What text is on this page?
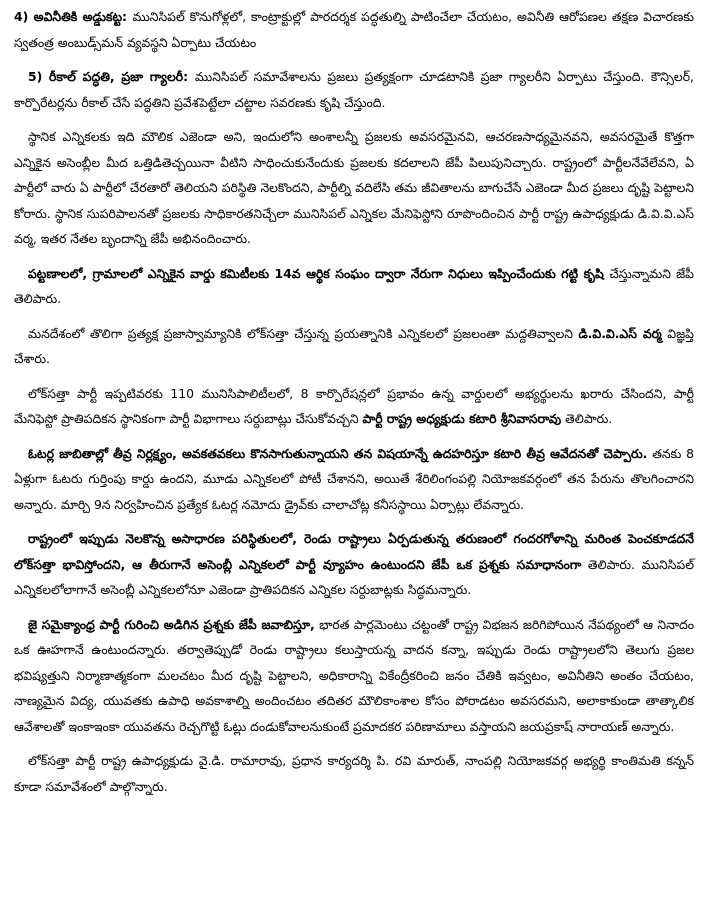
4) అవినీతికి అడ్డుకట్ట: మునిసిపల్ కొనుగోళ్లలో, కాంట్రాక్టుల్లో పారదర్శక పద్ధతుల్ని పాటించేలా చేయటం, అవినీతి ఆరోపణల తక్షణ విచారణకు స్వతంత్ర అంబుడ్స్‌మన్ వ్యవస్థని ఏర్పాటు చేయటం

5) రీకాల్ పద్ధతి, ప్రజా గ్యాలరీ: మునిసిపల్ సమావేశాలను ప్రజలు ప్రత్యక్షంగా చూడటానికి ప్రజా గ్యాలరీని ఏర్పాటు చేస్తుంది. కౌన్సిలర్, కార్పొరేటర్లను రీకాల్ చేసే పద్ధతిని ప్రవేశపెట్టేలా చట్టాల సవరణకు కృషి చేస్తుంది.

స్థానిక ఎన్నికలకు ఇది మౌలిక ఎజెండా అని, ఇందులోని అంశాలన్నీ ప్రజలకు అవసరమైనవి, ఆచరణసాధ్యమైనవని, అవసరమైతే కొత్తగా ఎన్నికైన అసెంబ్లీల మీద ఒత్తిడితెచ్చయినా వీటిని సాధించుకునేందుకు ప్రజలకు కదలాలని జేపీ పిలుపునిచ్చారు. రాష్ట్రంలో పార్టీలనేవేలేవని, ఏ పార్టీలో వారు ఏ పార్టీలో చేరతారో తెలియని పరిస్థితి నెలకొందని, పార్టీల్ని వదిలేసి తమ జీవితాలను బాగుచేసే ఎజెండా మీద ప్రజలు దృష్టి పెట్టాలని కోరారు. స్థానిక సుపరిపాలనతో ప్రజలకు సాధికారతనిచ్చేలా మునిసిపల్ ఎన్నికల మేనిఫెస్టోని రూపొందించిన పార్టీ రాష్ట్ర ఉపాధ్యక్షుడు డి.వి.వి.ఎస్ వర్మ, ఇతర నేతల బృందాన్ని జేపీ అభినందించారు.

పట్టణాలలో, గ్రామాలలో ఎన్నికైన వార్డు కమిటీలకు 14వ ఆర్థిక సంఘం ద్వారా నేరుగా నిధులు ఇప్పించేందుకు గట్టి కృషి చేస్తున్నామని జేపీ తెలిపారు.

మనదేశంలో తొలిగా ప్రత్యక్ష ప్రజాస్వామ్యానికి లోక్‌సత్తా చేస్తున్న ప్రయత్నానికి ఎన్నికలలో ప్రజలంతా మద్దతివ్వాలని డి.వి.వి.ఎస్ వర్మ విజ్ఞప్తి చేశారు.

లోక్‌సత్తా పార్టీ ఇప్పటివరకు 110 మునిసిపాలిటీలలో, 8 కార్పొరేషన్లలో ప్రభావం ఉన్న వార్డులలో అభ్యర్థులను ఖరారు చేసిందని, పార్టీ మేనిఫెస్టో ప్రాతిపదికన స్థానికంగా పార్టీ విభాగాలు సర్దుబాట్లు చేసుకోవచ్చని పార్టీ రాష్ట్ర అధ్యక్షుడు కటారి శ్రీనివాసరావు తెలిపారు.

ఓటర్ల జాబితాల్లో తీవ్ర నిర్లక్ష్యం, అవకతవకలు కొనసాగుతున్నాయని తన విషయాన్నే ఉదహరిస్తూ కటారి తీవ్ర ఆవేదనతో చెప్పారు. తనకు 8 ఏళ్లుగా ఓటరు గుర్తింపు కార్డు ఉందని, మూడు ఎన్నికలలో పోటీ చేశానని, అయితే శేరిలింగంపల్లి నియోజకవర్గంలో తన పేరును తొలగించారని అన్నారు. మార్చి 9న నిర్వహించిన ప్రత్యేక ఓటర్ల నమోదు డ్రైవ్‌కు చాలాచోట్ల కనీసస్థాయి ఏర్పాట్లు లేవన్నారు.

రాష్ట్రంలో ఇప్పుడు నెలకొన్న అసాధారణ పరిస్థితులలో, రెండు రాష్ట్రాలు ఏర్పడుతున్న తరుణంలో గందరగోళాన్ని మరింత పెంచకూడదనే లోక్‌సత్తా భావిస్తోందని, ఆ తీరుగానే అసెంబ్లీ ఎన్నికలలో పార్టీ వ్యూహం ఉంటుందని జేపీ ఒక ప్రశ్నకు సమాధానంగా తెలిపారు. మునిసిపల్ ఎన్నికలలోలాగానే అసెంబ్లీ ఎన్నికలలోనూ ఎజెండా ప్రాతిపదికన ఎన్నికల సర్దుబాట్లకు సిద్ధమన్నారు.

జై సమైక్యాంధ్ర పార్టీ గురించి అడిగిన ప్రశ్నకు జేపీ జవాబిస్తూ, భారత పార్లమెంటు చట్టంతో రాష్ట్ర విభజన జరిగిపోయిన నేపథ్యంలో ఆ నినాదం ఒక ఊహగానే ఉంటుందన్నారు. తర్వాతెప్పుడో రెండు రాష్ట్రాలు కలుస్తాయన్న వాదన కన్నా, ఇప్పుడు రెండు రాష్ట్రాలలోని తెలుగు ప్రజల భవిష్యత్తుని నిర్మాణాత్మకంగా మలచటం మీద దృష్టి పెట్టాలని, అధికారాన్ని వికేంద్రీకరించి జనం చేతికి ఇవ్వటం, అవినీతిని అంతం చేయటం, నాణ్యమైన విద్య, యువతకు ఉపాధి అవకాశాల్ని అందించటం తదితర మౌలికాంశాల కోసం పోరాడటం అవసరమని, అలాకాకుండా తాత్కాలిక ఆవేశాలతో ఇంకాఇంకా యువతను రెచ్చగొట్టి ఓట్లు దండుకోవాలనుకుంటే ప్రమాదకర పరిణామాలు వస్తాయని జయప్రకాష్ నారాయణ్ అన్నారు.

లోక్‌సత్తా పార్టీ రాష్ట్ర ఉపాధ్యక్షుడు వై.డి. రామారావు, ప్రధాన కార్యదర్శి పి. రవి మారుత్, నాంపల్లి నియోజకవర్గ అభ్యర్థి కాంతిమతి కన్నన్ కూడా సమావేశంలో పాల్గొన్నారు.
